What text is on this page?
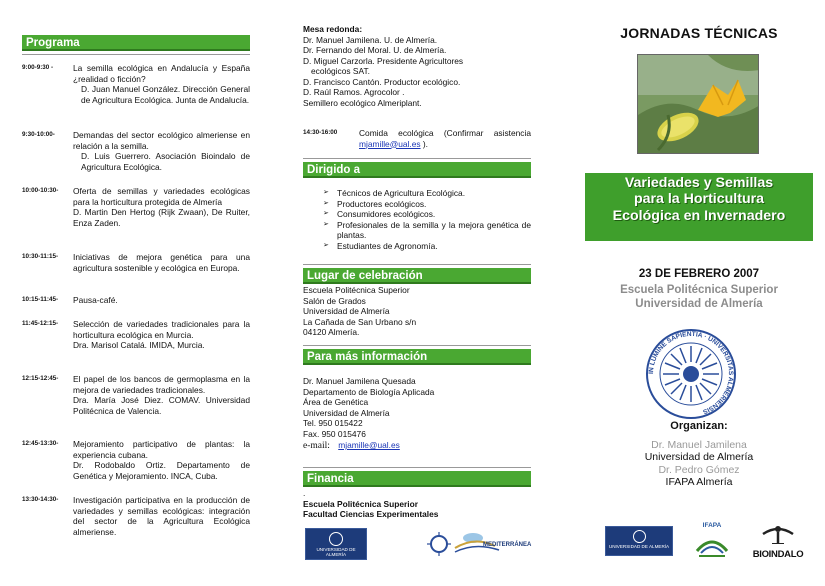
Programa
9:00-9:30 -	La semilla ecológica en Andalucía y España ¿realidad o ficción?
D. Juan Manuel González. Dirección General de Agricultura Ecológica. Junta de Andalucía.
9:30-10:00-	Demandas del sector ecológico almeriense en relación a la semilla.
D. Luis Guerrero. Asociación Bioindalo de Agricultura Ecológica.
10:00-10:30-	Oferta de semillas y variedades ecológicas para la horticultura protegida de Almería
D. Martin Den Hertog (Rijk Zwaan), De Ruiter, Enza Zaden.
10:30-11:15-	Iniciativas de mejora genética para una agricultura sostenible y ecológica en Europa.
10:15-11:45-	Pausa-café.
11:45-12:15-	Selección de variedades tradicionales para la horticultura ecológica en Murcia.
Dra. Marisol Catalá. IMIDA, Murcia.
12:15-12:45-	El papel de los bancos de germoplasma en la mejora de variedades tradicionales.
Dra. María José Diez. COMAV. Universidad Politécnica de Valencia.
12:45-13:30-	Mejoramiento participativo de plantas: la experiencia cubana.
Dr. Rodobaldo Ortiz. Departamento de Genética y Mejoramiento. INCA, Cuba.
13:30-14:30-	Investigación participativa en la producción de variedades y semillas ecológicas: integración del sector de la Agricultura Ecológica almeriense.
Mesa redonda:
Dr. Manuel Jamilena. U. de Almería.
Dr. Fernando del Moral. U. de Almería.
D. Miguel Carzorla. Presidente Agricultores
ecológicos SAT.
D. Francisco Cantón. Productor ecológico.
D. Raúl Ramos. Agrocolor .
Semillero ecológico Almeriplant.
14:30-16:00	Comida ecológica (Confirmar asistencia mjamille@ual.es ).
Dirigido a
➢ Técnicos de Agricultura Ecológica.
➢ Productores ecológicos.
➢ Consumidores ecológicos.
➢ Profesionales de la semilla y la mejora genética de plantas.
➢ Estudiantes de Agronomía.
Lugar de celebración
Escuela Politécnica Superior
Salón de Grados
Universidad de Almería
La Cañada de San Urbano s/n
04120 Almería.
Para más información
Dr. Manuel Jamilena Quesada
Departamento de Biología Aplicada
Área de Genética
Universidad de Almería
Tel. 950 015422
Fax. 950 015476
e-mail: mjamille@ual.es
Financia
.
Escuela Politécnica Superior
Facultad Ciencias Experimentales
UNIVERSIDAD DE ALMERÍA
MEDITERRÁNEA
JORNADAS TÉCNICAS
Variedades y Semillas
para la Horticultura
Ecológica en Invernadero
23 DE FEBRERO 2007
Escuela Politécnica Superior
Universidad de Almería
IN LUMINE SAPIENTIA · UNIVERSITAS ALMERIENSIS
Organizan:
Dr. Manuel Jamilena
Universidad de Almería
Dr. Pedro Gómez
IFAPA Almería
UNIVERSIDAD DE ALMERÍA
IFAPA
BIOINDALO
